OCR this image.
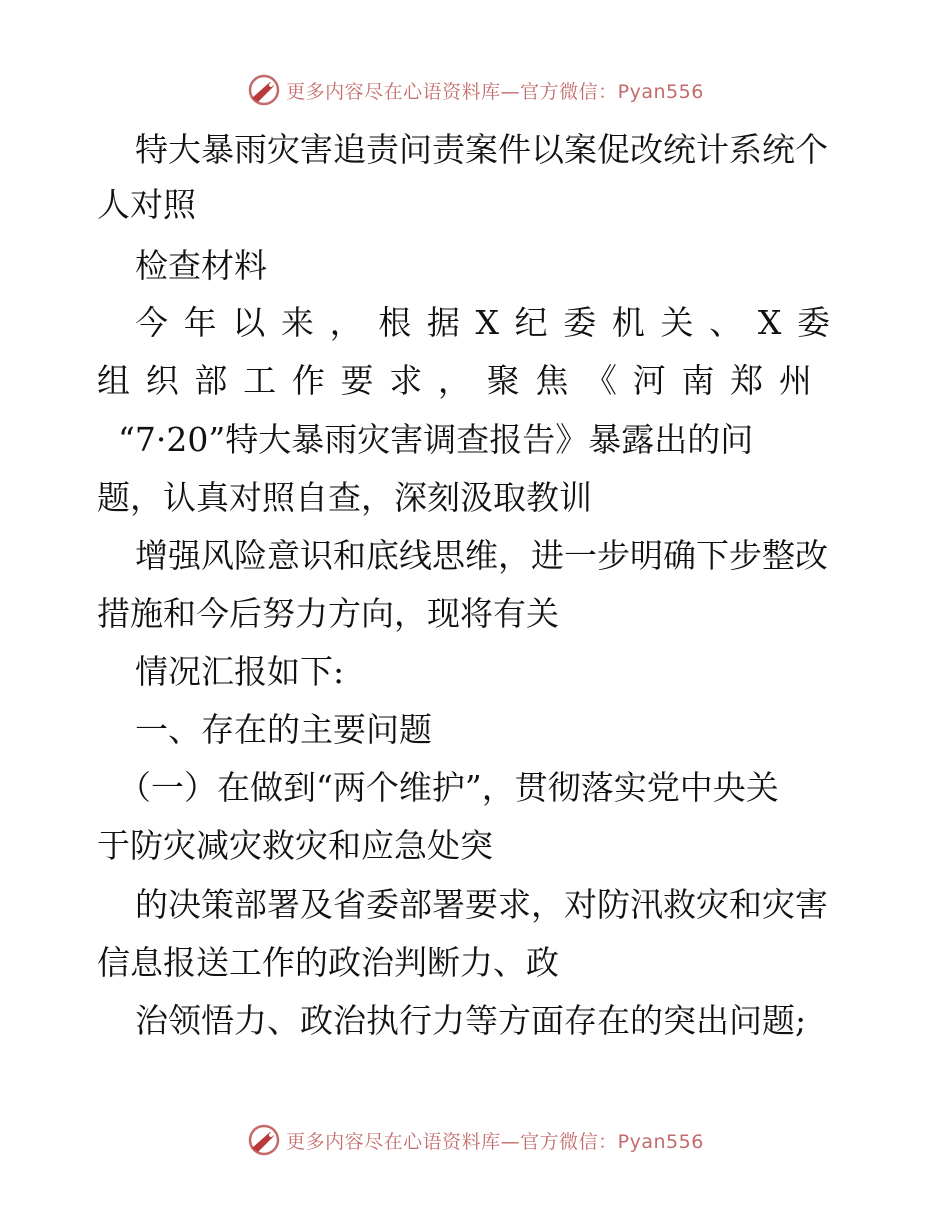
更多内容尽在心语资料库—官方微信：Pyan556
特大暴雨灾害追责问责案件以案促改统计系统个
人对照
检查材料
今 年 以 来 ， 根 据 X 纪 委 机 关 、 X 委
组 织 部 工 作 要 求 ， 聚 焦 《 河 南 郑 州
“7·20”特大暴雨灾害调查报告》暴露出的问
题，认真对照自查，深刻汲取教训
增强风险意识和底线思维，进一步明确下步整改
措施和今后努力方向，现将有关
情况汇报如下:
一、存在的主要问题
（一）在做到“两个维护”，贯彻落实党中央关
于防灾减灾救灾和应急处突
的决策部署及省委部署要求，对防汛救灾和灾害
信息报送工作的政治判断力、政
治领悟力、政治执行力等方面存在的突出问题;
更多内容尽在心语资料库—官方微信：Pyan556
